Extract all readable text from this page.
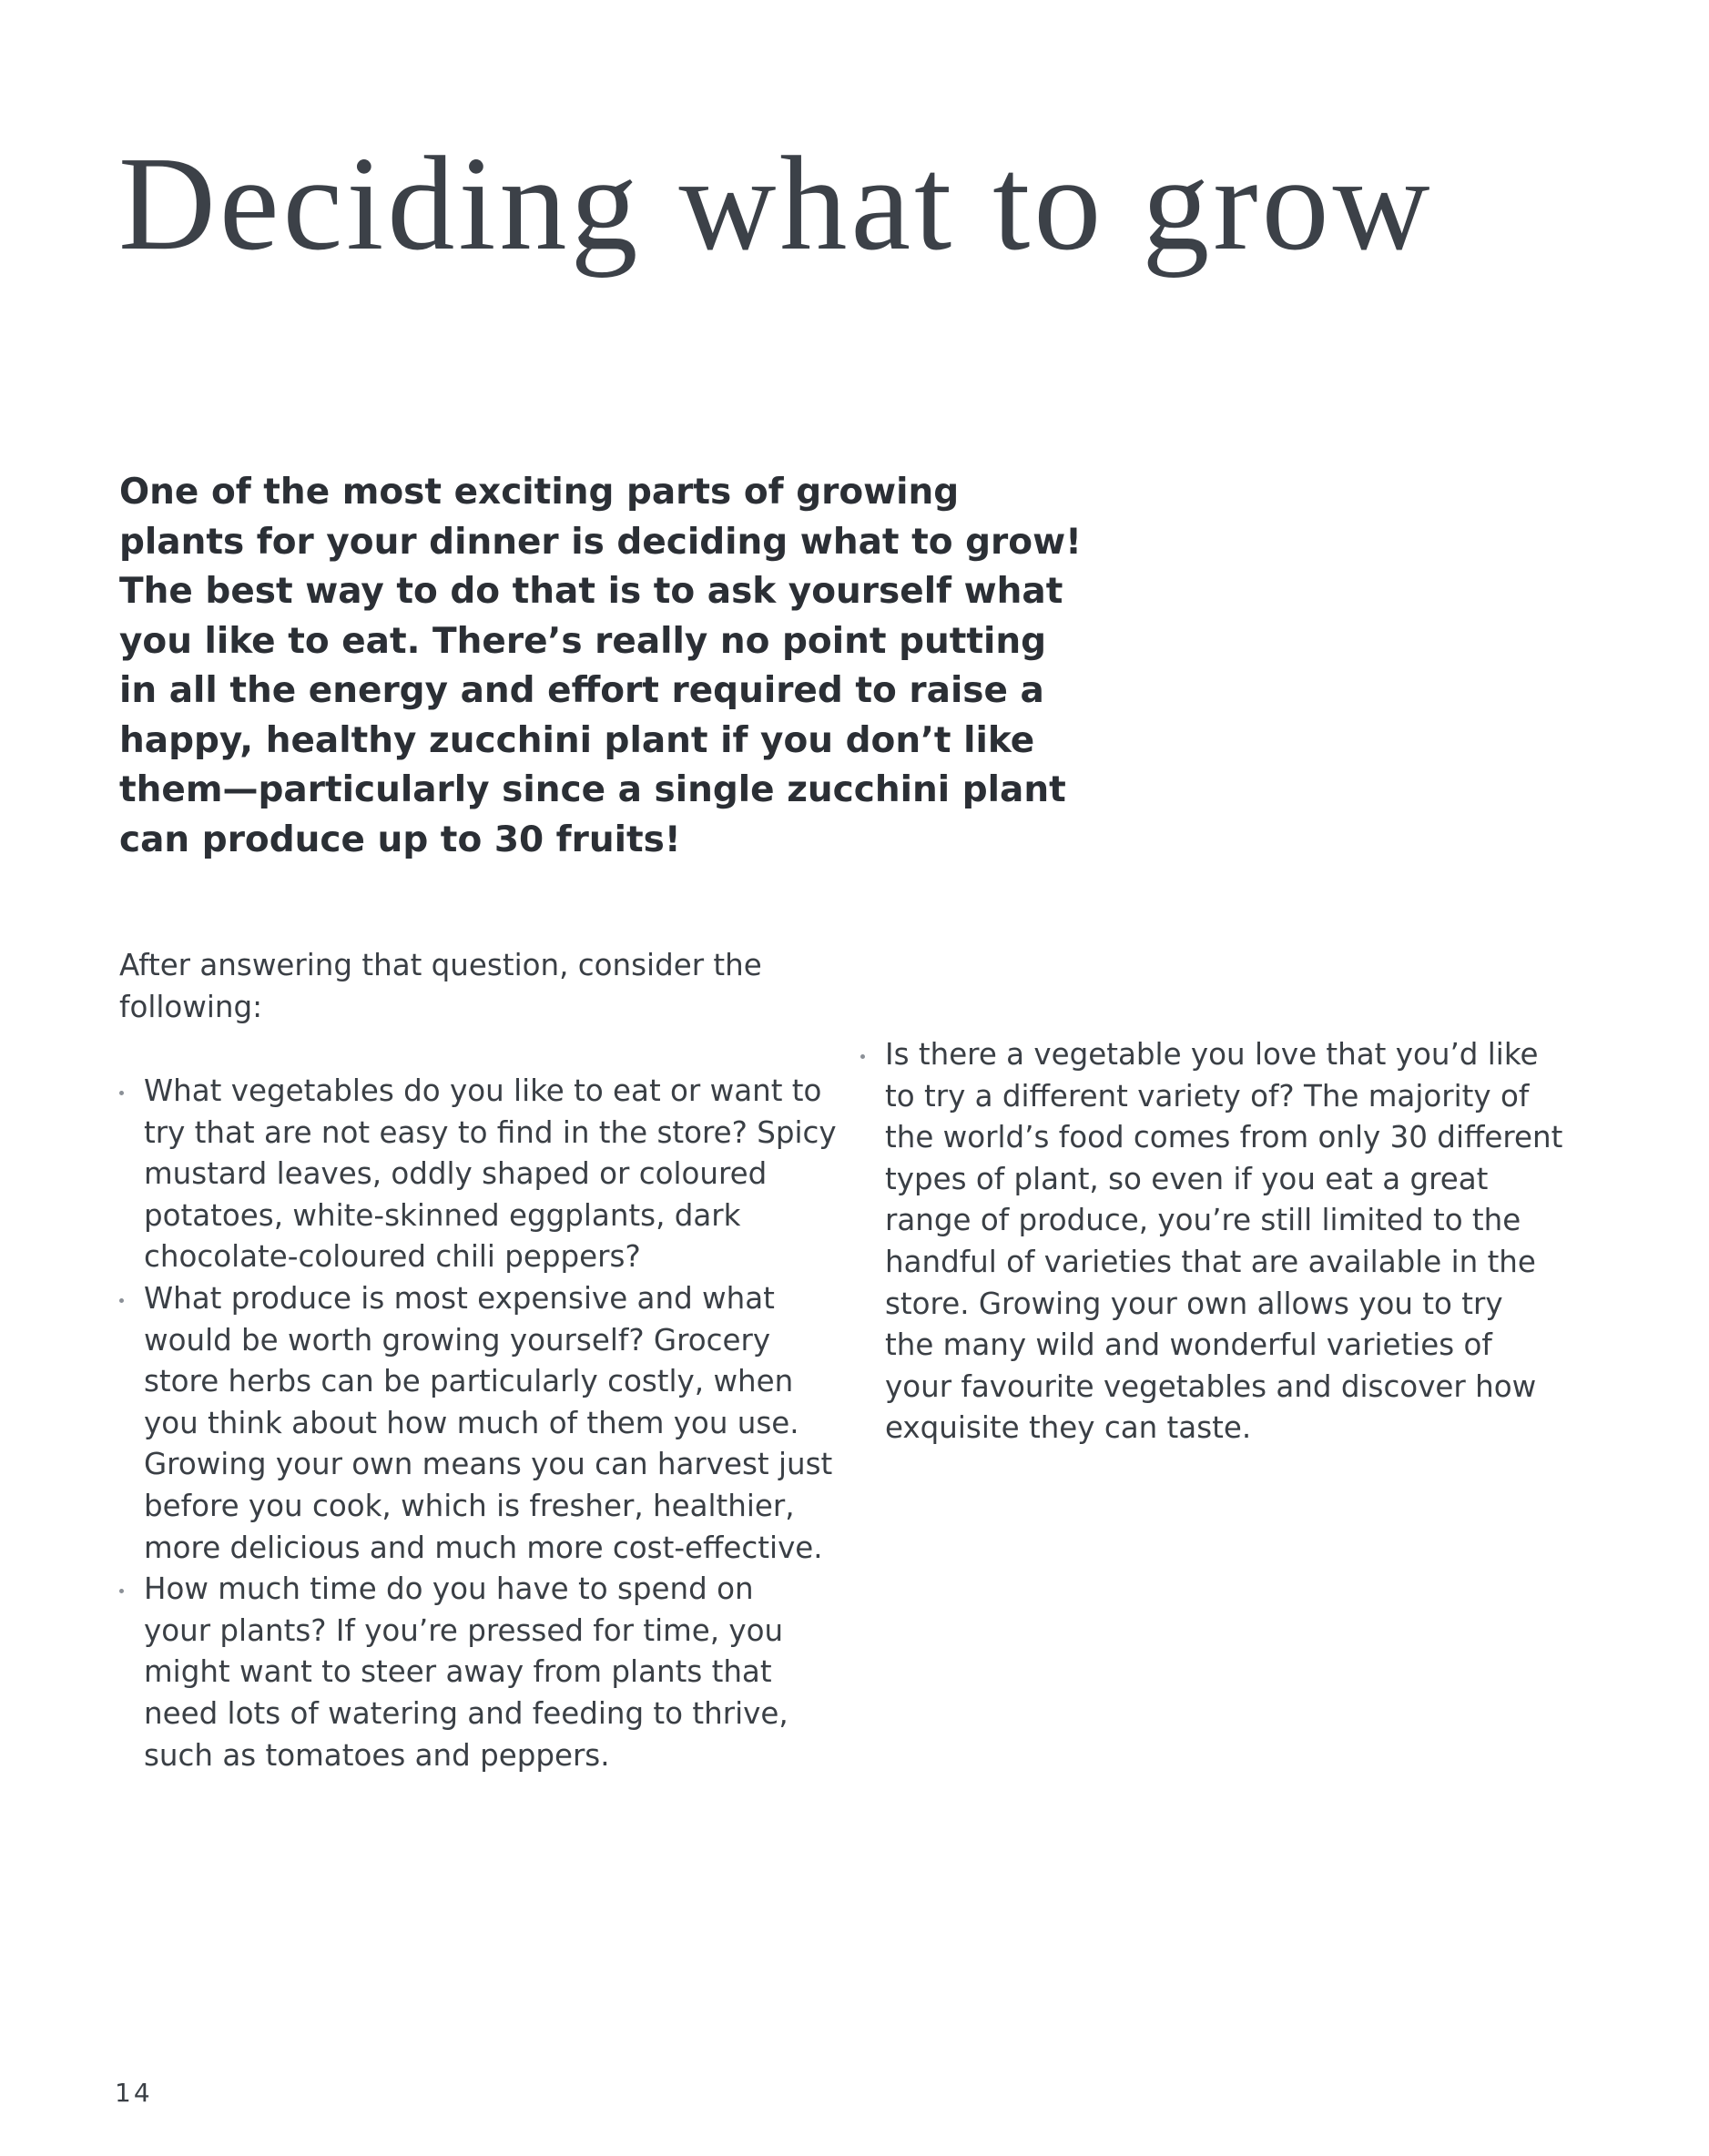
Deciding what to grow

One of the most exciting parts of growing
plants for your dinner is deciding what to grow!
The best way to do that is to ask yourself what
you like to eat. There’s really no point putting
in all the energy and effort required to raise a
happy, healthy zucchini plant if you don’t like
them—particularly since a single zucchini plant
can produce up to 30 fruits!

After answering that question, consider the
following:

What vegetables do you like to eat or want to
try that are not easy to find in the store? Spicy
mustard leaves, oddly shaped or coloured
potatoes, white-skinned eggplants, dark
chocolate-coloured chili peppers?
What produce is most expensive and what
would be worth growing yourself? Grocery
store herbs can be particularly costly, when
you think about how much of them you use.
Growing your own means you can harvest just
before you cook, which is fresher, healthier,
more delicious and much more cost-effective.
How much time do you have to spend on
your plants? If you’re pressed for time, you
might want to steer away from plants that
need lots of watering and feeding to thrive,
such as tomatoes and peppers.
Is there a vegetable you love that you’d like
to try a different variety of? The majority of
the world’s food comes from only 30 different
types of plant, so even if you eat a great
range of produce, you’re still limited to the
handful of varieties that are available in the
store. Growing your own allows you to try
the many wild and wonderful varieties of
your favourite vegetables and discover how
exquisite they can taste.
14
